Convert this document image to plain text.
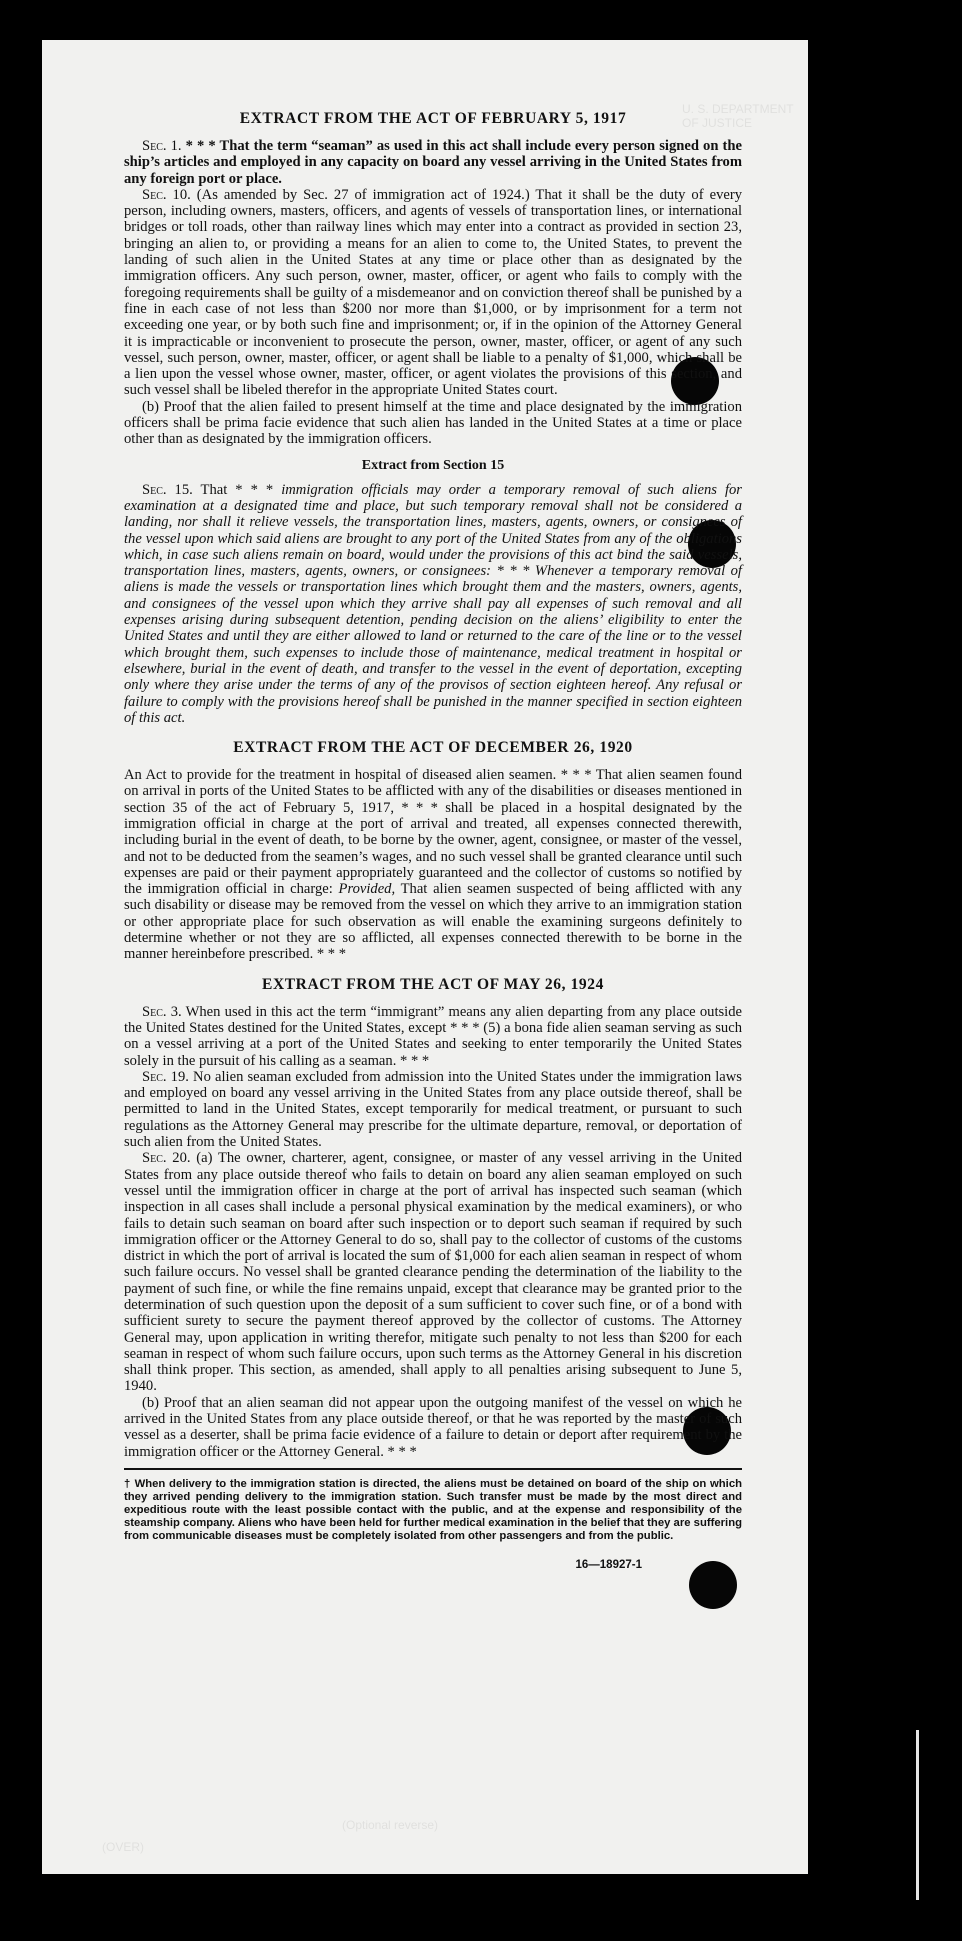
U. S. DEPARTMENT OF JUSTICE
(Optional reverse)
(OVER)
EXTRACT FROM THE ACT OF FEBRUARY 5, 1917

Sec. 1. * * * That the term “seaman” as used in this act shall include every person signed on the ship’s articles and employed in any capacity on board any vessel arriving in the United States from any foreign port or place.

Sec. 10. (As amended by Sec. 27 of immigration act of 1924.) That it shall be the duty of every person, including owners, masters, officers, and agents of vessels of transportation lines, or international bridges or toll roads, other than railway lines which may enter into a contract as provided in section 23, bringing an alien to, or providing a means for an alien to come to, the United States, to prevent the landing of such alien in the United States at any time or place other than as designated by the immigration officers. Any such person, owner, master, officer, or agent who fails to comply with the foregoing requirements shall be guilty of a misdemeanor and on conviction thereof shall be punished by a fine in each case of not less than $200 nor more than $1,000, or by imprisonment for a term not exceeding one year, or by both such fine and imprisonment; or, if in the opinion of the Attorney General it is impracticable or inconvenient to prosecute the person, owner, master, officer, or agent of any such vessel, such person, owner, master, officer, or agent shall be liable to a penalty of $1,000, which shall be a lien upon the vessel whose owner, master, officer, or agent violates the provisions of this section, and such vessel shall be libeled therefor in the appropriate United States court.

(b) Proof that the alien failed to present himself at the time and place designated by the immigration officers shall be prima facie evidence that such alien has landed in the United States at a time or place other than as designated by the immigration officers.

Extract from Section 15

Sec. 15. That * * * immigration officials may order a temporary removal of such aliens for examination at a designated time and place, but such temporary removal shall not be considered a landing, nor shall it relieve vessels, the transportation lines, masters, agents, owners, or consignees of the vessel upon which said aliens are brought to any port of the United States from any of the obligations which, in case such aliens remain on board, would under the provisions of this act bind the said vessels, transportation lines, masters, agents, owners, or consignees: * * * Whenever a temporary removal of aliens is made the vessels or transportation lines which brought them and the masters, owners, agents, and consignees of the vessel upon which they arrive shall pay all expenses of such removal and all expenses arising during subsequent detention, pending decision on the aliens’ eligibility to enter the United States and until they are either allowed to land or returned to the care of the line or to the vessel which brought them, such expenses to include those of maintenance, medical treatment in hospital or elsewhere, burial in the event of death, and transfer to the vessel in the event of deportation, excepting only where they arise under the terms of any of the provisos of section eighteen hereof. Any refusal or failure to comply with the provisions hereof shall be punished in the manner specified in section eighteen of this act.

EXTRACT FROM THE ACT OF DECEMBER 26, 1920

An Act to provide for the treatment in hospital of diseased alien seamen. * * * That alien seamen found on arrival in ports of the United States to be afflicted with any of the disabilities or diseases mentioned in section 35 of the act of February 5, 1917, * * * shall be placed in a hospital designated by the immigration official in charge at the port of arrival and treated, all expenses connected therewith, including burial in the event of death, to be borne by the owner, agent, consignee, or master of the vessel, and not to be deducted from the seamen’s wages, and no such vessel shall be granted clearance until such expenses are paid or their payment appropriately guaranteed and the collector of customs so notified by the immigration official in charge: Provided, That alien seamen suspected of being afflicted with any such disability or disease may be removed from the vessel on which they arrive to an immigration station or other appropriate place for such observation as will enable the examining surgeons definitely to determine whether or not they are so afflicted, all expenses connected therewith to be borne in the manner hereinbefore prescribed. * * *

EXTRACT FROM THE ACT OF MAY 26, 1924

Sec. 3. When used in this act the term “immigrant” means any alien departing from any place outside the United States destined for the United States, except * * * (5) a bona fide alien seaman serving as such on a vessel arriving at a port of the United States and seeking to enter temporarily the United States solely in the pursuit of his calling as a seaman. * * *

Sec. 19. No alien seaman excluded from admission into the United States under the immigration laws and employed on board any vessel arriving in the United States from any place outside thereof, shall be permitted to land in the United States, except temporarily for medical treatment, or pursuant to such regulations as the Attorney General may prescribe for the ultimate departure, removal, or deportation of such alien from the United States.

Sec. 20. (a) The owner, charterer, agent, consignee, or master of any vessel arriving in the United States from any place outside thereof who fails to detain on board any alien seaman employed on such vessel until the immigration officer in charge at the port of arrival has inspected such seaman (which inspection in all cases shall include a personal physical examination by the medical examiners), or who fails to detain such seaman on board after such inspection or to deport such seaman if required by such immigration officer or the Attorney General to do so, shall pay to the collector of customs of the customs district in which the port of arrival is located the sum of $1,000 for each alien seaman in respect of whom such failure occurs. No vessel shall be granted clearance pending the determination of the liability to the payment of such fine, or while the fine remains unpaid, except that clearance may be granted prior to the determination of such question upon the deposit of a sum sufficient to cover such fine, or of a bond with sufficient surety to secure the payment thereof approved by the collector of customs. The Attorney General may, upon application in writing therefor, mitigate such penalty to not less than $200 for each seaman in respect of whom such failure occurs, upon such terms as the Attorney General in his discretion shall think proper. This section, as amended, shall apply to all penalties arising subsequent to June 5, 1940.

(b) Proof that an alien seaman did not appear upon the outgoing manifest of the vessel on which he arrived in the United States from any place outside thereof, or that he was reported by the master of such vessel as a deserter, shall be prima facie evidence of a failure to detain or deport after requirement by the immigration officer or the Attorney General. * * *

† When delivery to the immigration station is directed, the aliens must be detained on board of the ship on which they arrived pending delivery to the immigration station. Such transfer must be made by the most direct and expeditious route with the least possible contact with the public, and at the expense and responsibility of the steamship company. Aliens who have been held for further medical examination in the belief that they are suffering from communicable diseases must be completely isolated from other passengers and from the public.
16—18927-1
